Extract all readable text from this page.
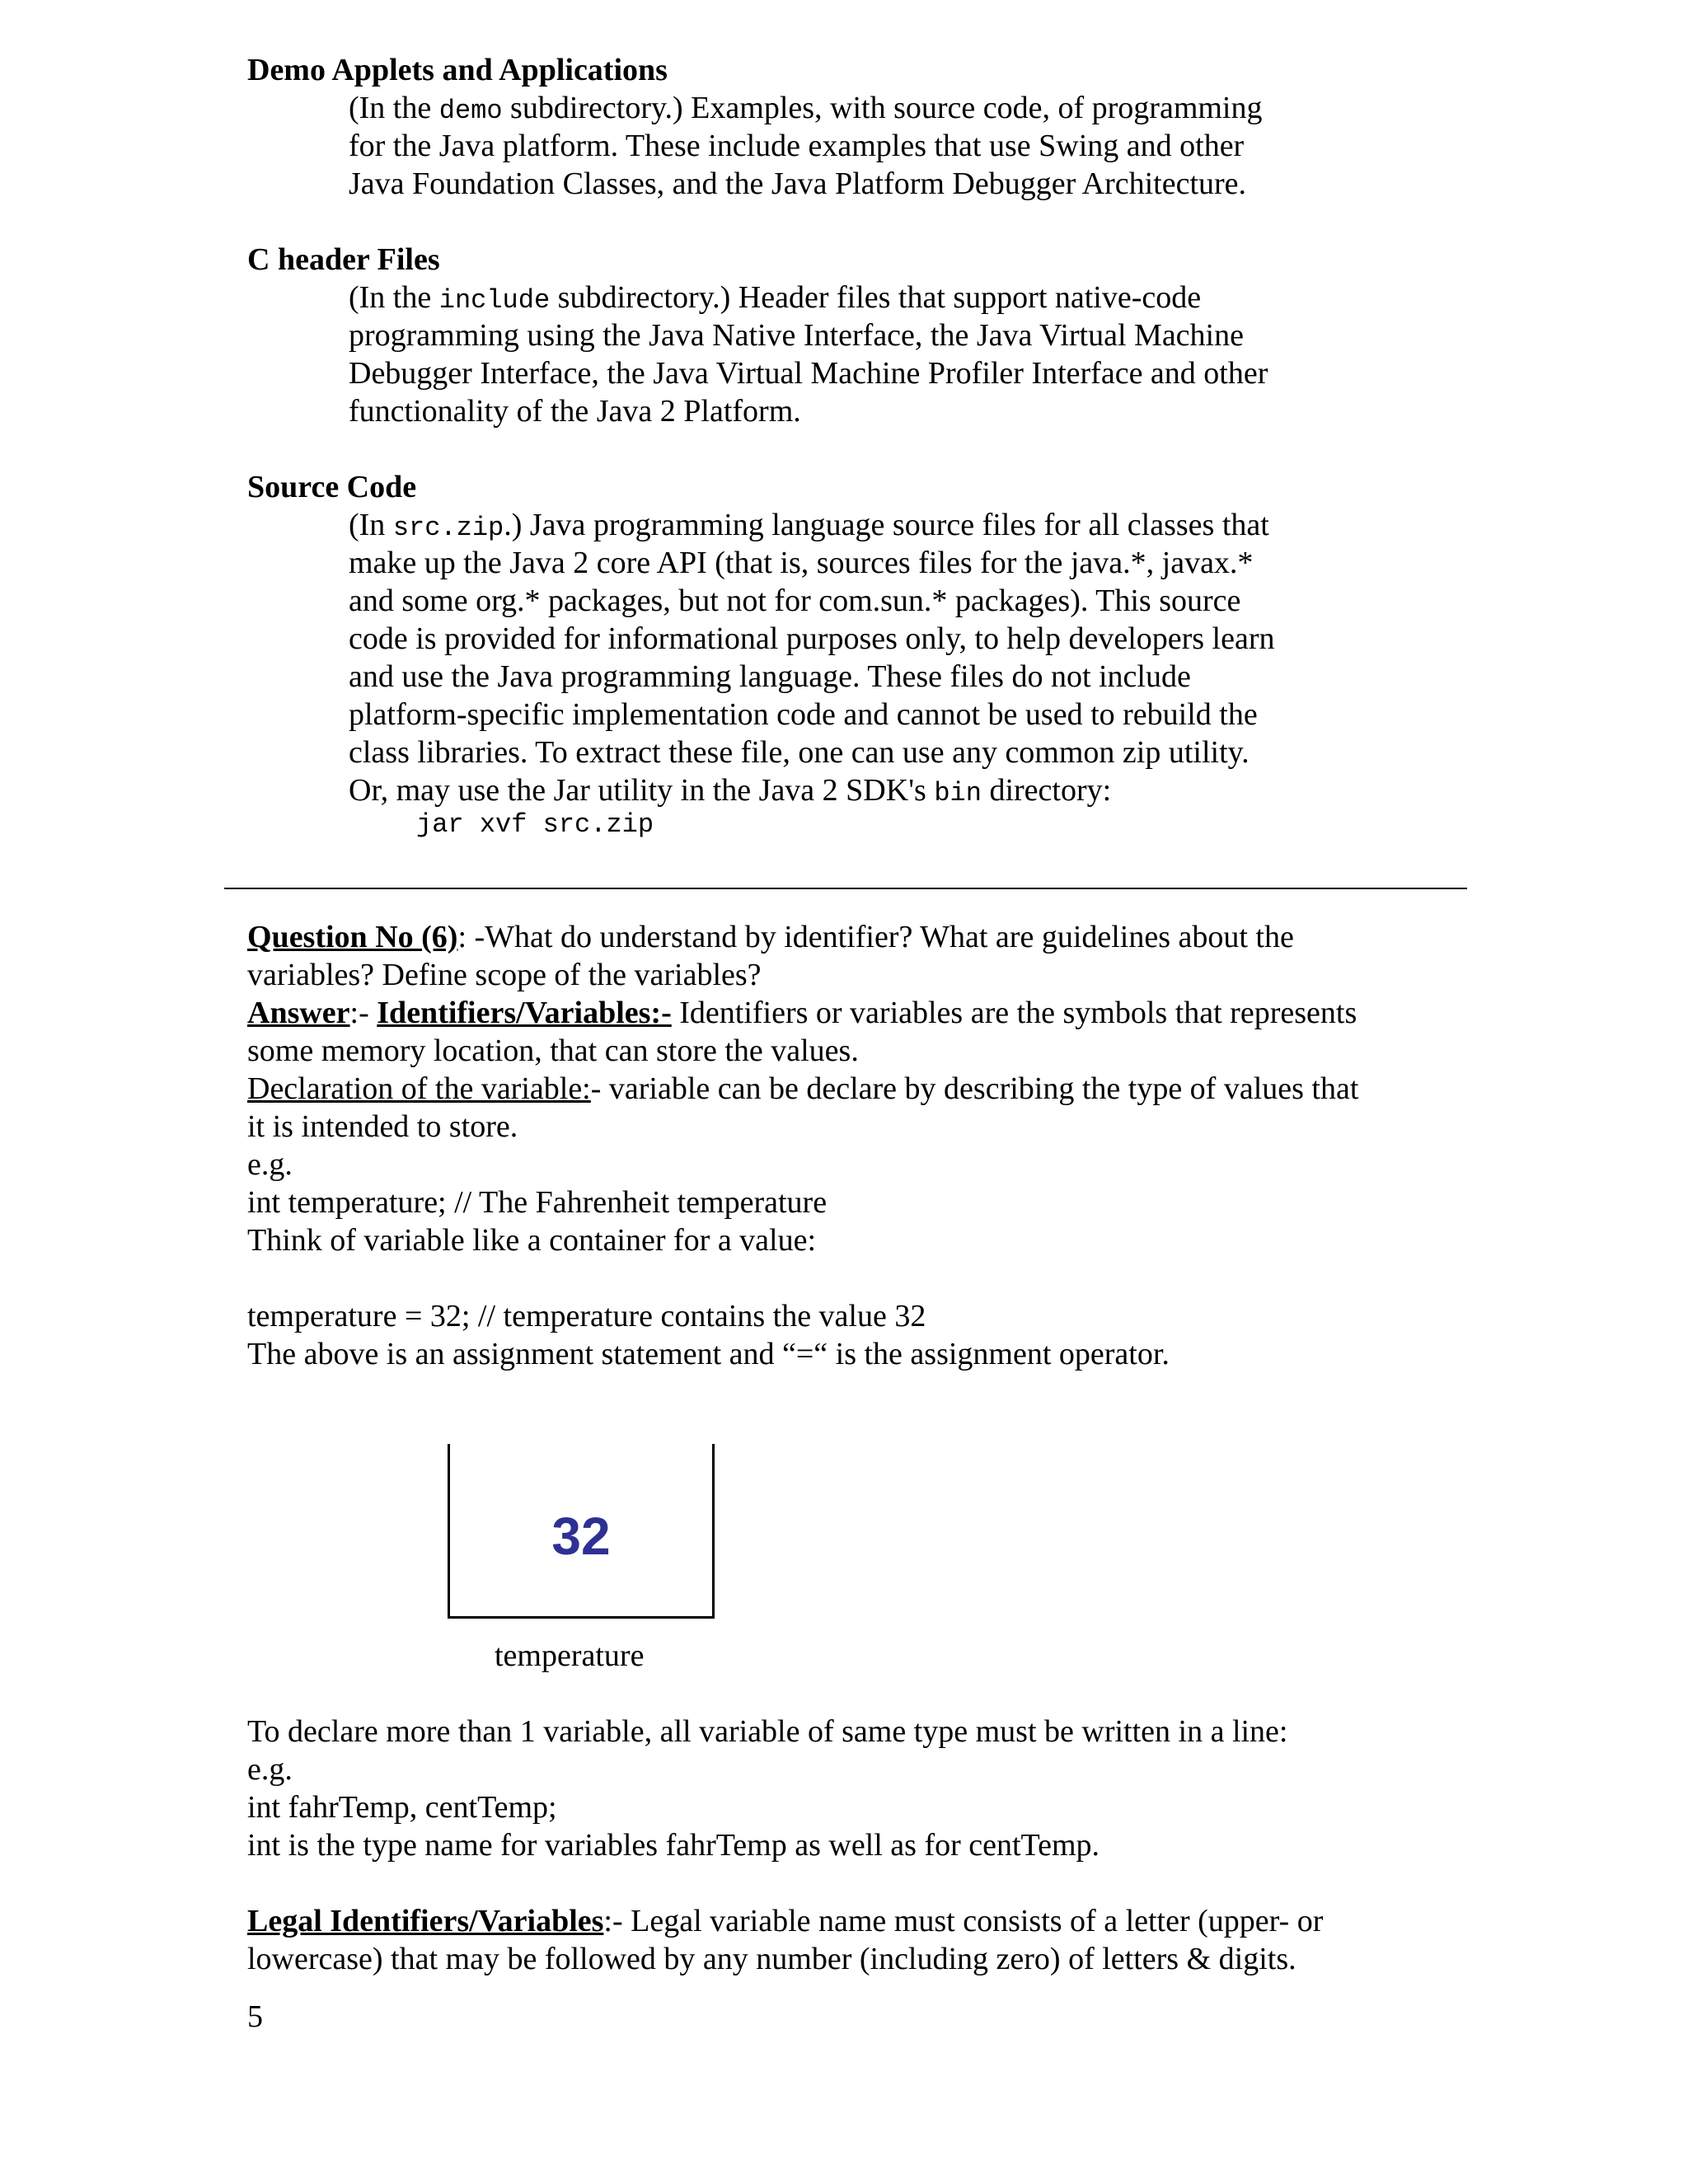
Demo Applets and Applications
(In the demo subdirectory.) Examples, with source code, of programming
for the Java platform. These include examples that use Swing and other
Java Foundation Classes, and the Java Platform Debugger Architecture.
C header Files
(In the include subdirectory.) Header files that support native-code
programming using the Java Native Interface, the Java Virtual Machine
Debugger Interface, the Java Virtual Machine Profiler Interface and other
functionality of the Java 2 Platform.
Source Code
(In src.zip.) Java programming language source files for all classes that
make up the Java 2 core API (that is, sources files for the java.*, javax.*
and some org.* packages, but not for com.sun.* packages). This source
code is provided for informational purposes only, to help developers learn
and use the Java programming language. These files do not include
platform-specific implementation code and cannot be used to rebuild the
class libraries. To extract these file, one can use any common zip utility.
Or, may use the Jar utility in the Java 2 SDK's bin directory:
jar xvf src.zip
Question No (6): -What do understand by identifier? What are guidelines about the
variables? Define scope of the variables?
Answer:- Identifiers/Variables:- Identifiers or variables are the symbols that represents
some memory location, that can store the values.
Declaration of the variable:- variable can be declare by describing the type of values that
it is intended to store.
e.g.
int temperature; // The Fahrenheit temperature
Think of variable like a container for a value:
temperature = 32; // temperature contains the value 32
The above is an assignment statement and “=“ is the assignment operator.
32
temperature
To declare more than 1 variable, all variable of same type must be written in a line:
e.g.
int fahrTemp, centTemp;
int is the type name for variables fahrTemp as well as for centTemp.
Legal Identifiers/Variables:- Legal variable name must consists of a letter (upper- or
lowercase) that may be followed by any number (including zero) of letters & digits.
5
